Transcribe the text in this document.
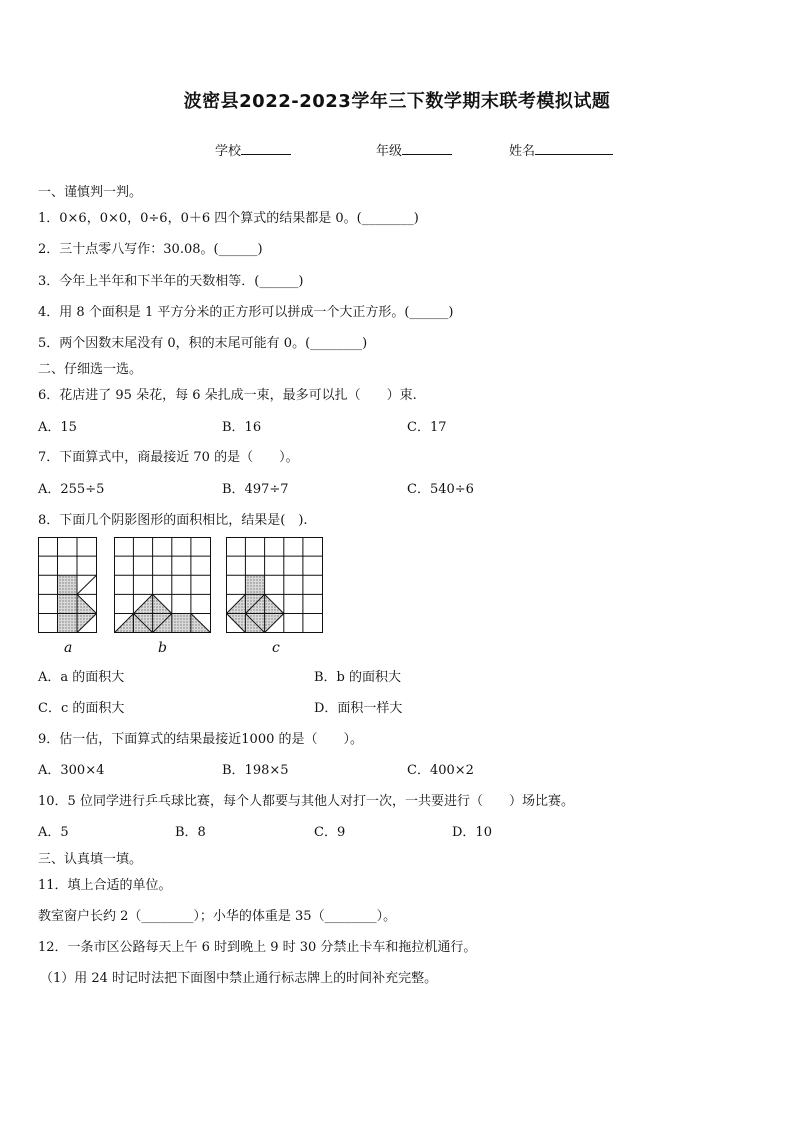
波密县2022-2023学年三下数学期末联考模拟试题
学校	年级	姓名
一、谨慎判一判。
1．0×6，0×0，0÷6，0＋6 四个算式的结果都是 0。(________)
2．三十点零八写作：30.08。(______)
3．今年上半年和下半年的天数相等．(______)
4．用 8 个面积是 1 平方分米的正方形可以拼成一个大正方形。(______)
5．两个因数末尾没有 0，积的末尾可能有 0。(________)
二、仔细选一选。
6．花店进了 95 朵花，每 6 朵扎成一束，最多可以扎（　　）束.
A．15	B．16	C．17
7．下面算式中，商最接近 70 的是（　　）。
A．255÷5	B．497÷7	C．540÷6
8．下面几个阴影图形的面积相比，结果是(　).
a	b	c
A．a 的面积大	B．b 的面积大
C．c 的面积大	D．面积一样大
9．估一估，下面算式的结果最接近1000 的是（　　）。
A．300×4	B．198×5	C．400×2
10．5 位同学进行乒乓球比赛，每个人都要与其他人对打一次，一共要进行（　　）场比赛。
A．5	B．8	C．9	D．10
三、认真填一填。
11．填上合适的单位。
教室窗户长约 2（________）；小华的体重是 35（________）。
12．一条市区公路每天上午 6 时到晚上 9 时 30 分禁止卡车和拖拉机通行。
（1）用 24 时记时法把下面图中禁止通行标志牌上的时间补充完整。
